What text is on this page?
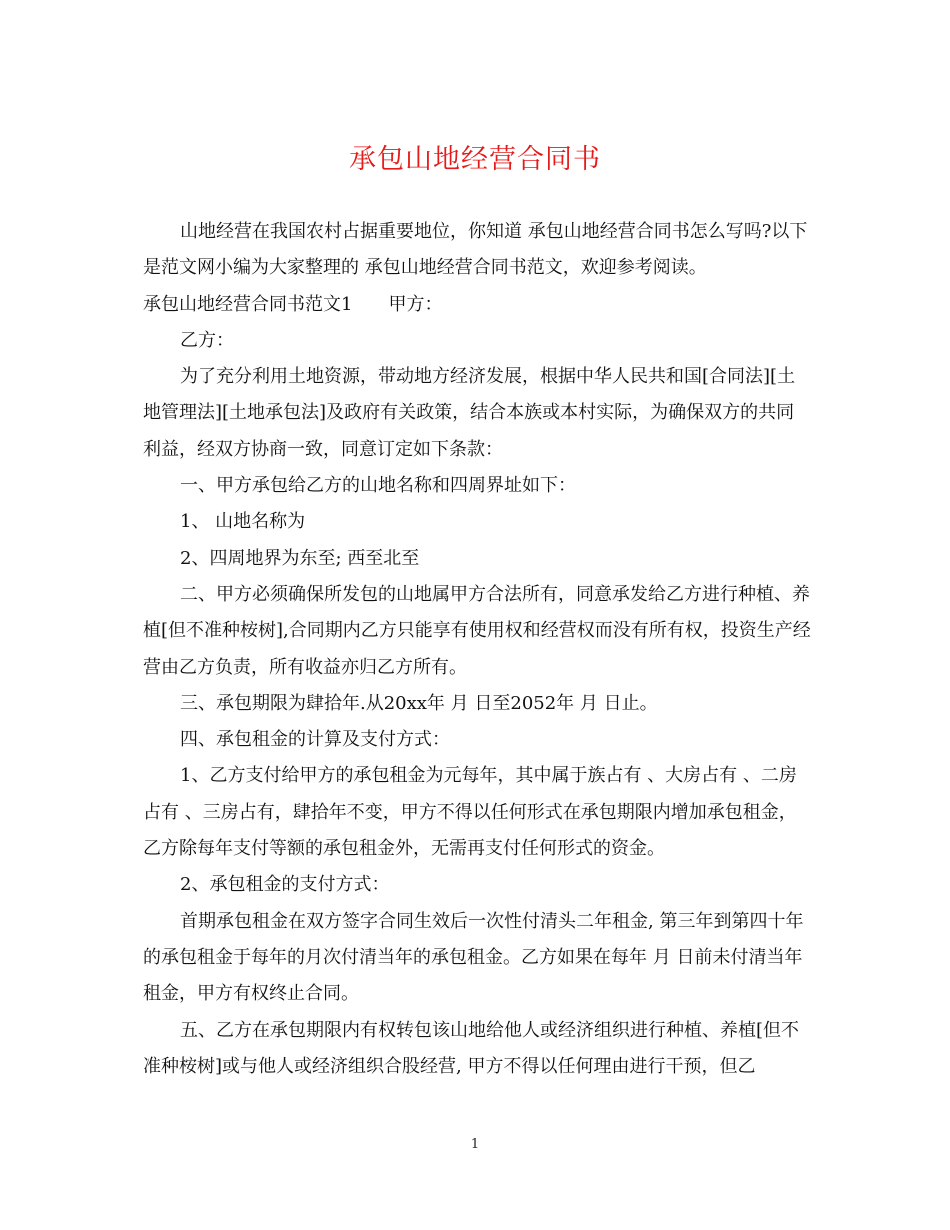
承包山地经营合同书

山地经营在我国农村占据重要地位，你知道 承包山地经营合同书怎么写吗?以下是范文网小编为大家整理的 承包山地经营合同书范文，欢迎参考阅读。

承包山地经营合同书范文1　　甲方：

乙方：

为了充分利用土地资源，带动地方经济发展，根据中华人民共和国[合同法][土地管理法][土地承包法]及政府有关政策，结合本族或本村实际，为确保双方的共同利益，经双方协商一致，同意订定如下条款：

一、甲方承包给乙方的山地名称和四周界址如下：

1、 山地名称为

2、四周地界为东至; 西至北至

二、甲方必须确保所发包的山地属甲方合法所有，同意承发给乙方进行种植、养植[但不准种桉树],合同期内乙方只能享有使用权和经营权而没有所有权，投资生产经营由乙方负责，所有收益亦归乙方所有。

三、承包期限为肆拾年.从20xx年 月 日至2052年 月 日止。

四、承包租金的计算及支付方式：

1、乙方支付给甲方的承包租金为元每年，其中属于族占有 、大房占有 、二房占有 、三房占有，肆拾年不变，甲方不得以任何形式在承包期限内增加承包租金，乙方除每年支付等额的承包租金外，无需再支付任何形式的资金。

2、承包租金的支付方式：

首期承包租金在双方签字合同生效后一次性付清头二年租金, 第三年到第四十年的承包租金于每年的月次付清当年的承包租金。乙方如果在每年 月 日前未付清当年租金，甲方有权终止合同。

五、乙方在承包期限内有权转包该山地给他人或经济组织进行种植、养植[但不准种桉树]或与他人或经济组织合股经营, 甲方不得以任何理由进行干预，但乙

1
